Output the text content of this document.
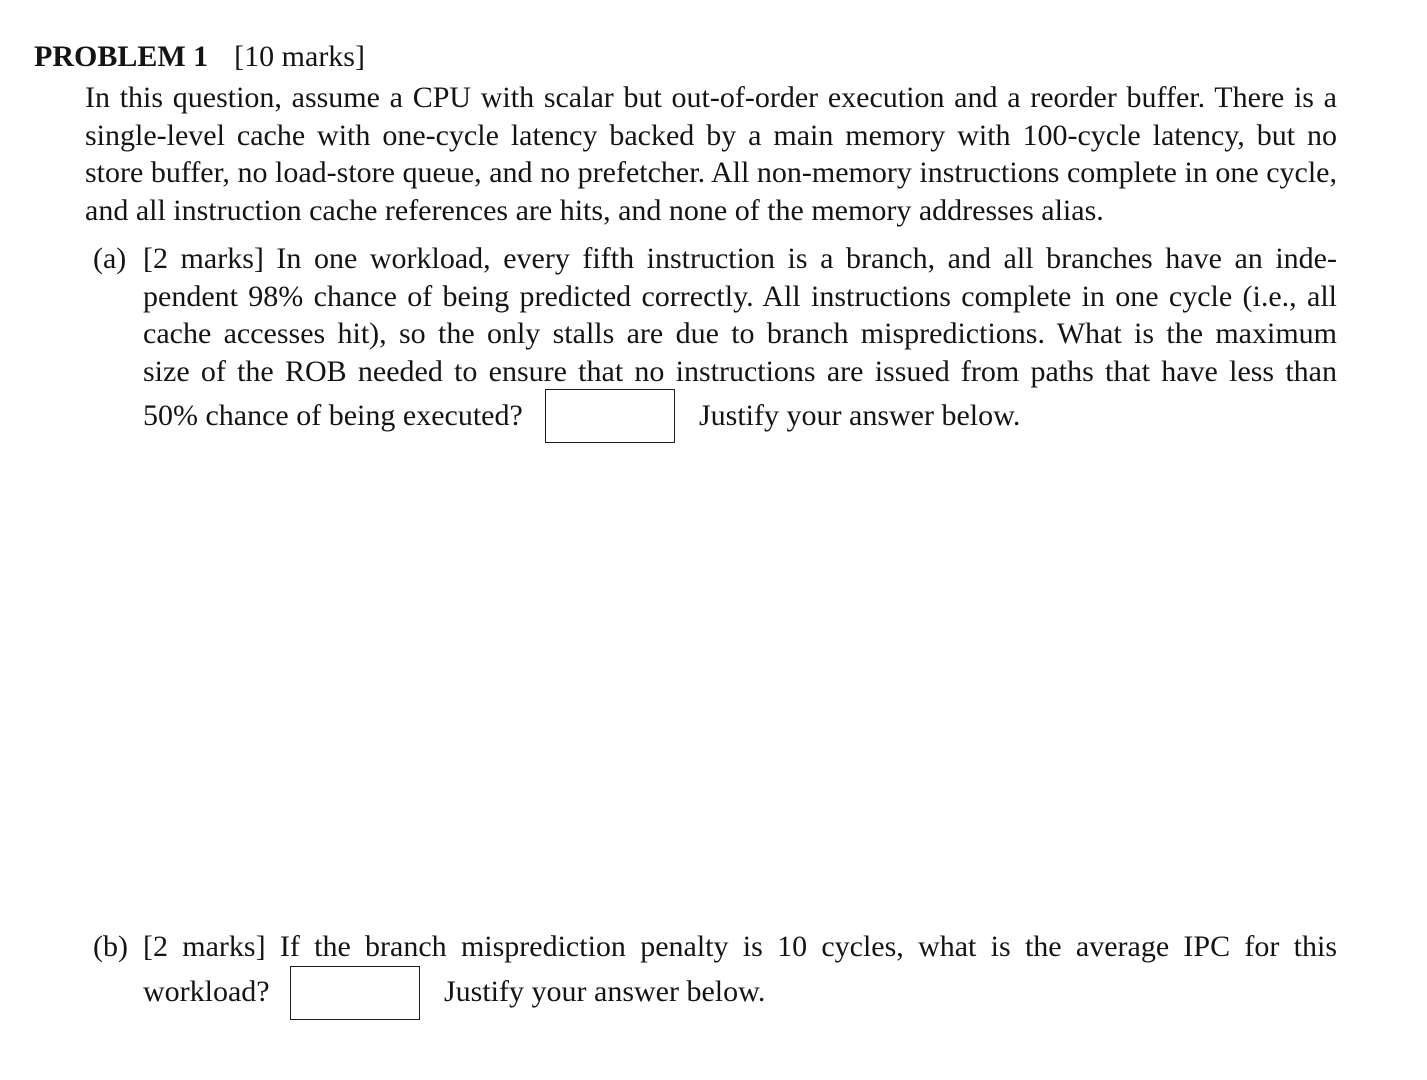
PROBLEM 1 [10 marks]

In this question, assume a CPU with scalar but out-of-order execution and a reorder buffer. There is a single-level cache with one-cycle latency backed by a main memory with 100-cycle latency, but no store buffer, no load-store queue, and no prefetcher. All non-memory instructions complete in one cycle, and all instruction cache references are hits, and none of the memory addresses alias.

(a) [2 marks] In one workload, every fifth instruction is a branch, and all branches have an inde-
pendent 98% chance of being predicted correctly. All instructions complete in one cycle (i.e., all
cache accesses hit), so the only stalls are due to branch mispredictions. What is the maximum
size of the ROB needed to ensure that no instructions are issued from paths that have less than
50% chance of being executed?	Justify your answer below.
(b) [2 marks] If the branch misprediction penalty is 10 cycles, what is the average IPC for this
workload?	Justify your answer below.
